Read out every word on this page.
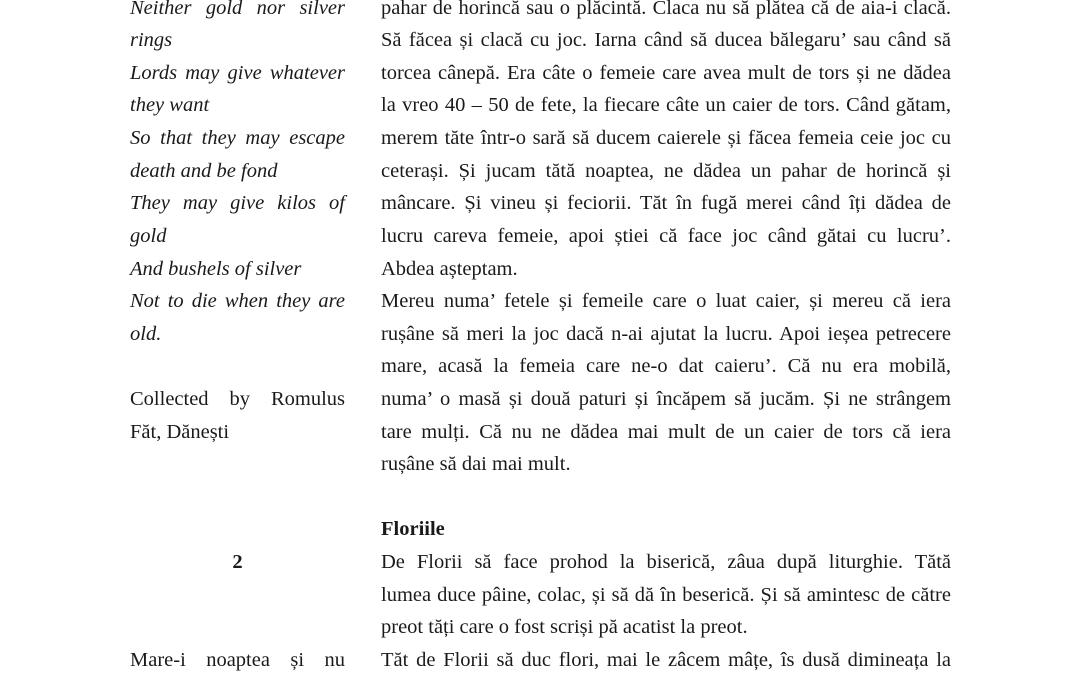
Neither gold nor silver
rings
Lords may give whatever
they want
So that they may escape
death and be fond
They may give kilos of
gold
And bushels of silver
Not to die when they are
old.
Collected by Romulus
Făt, Dănești
2
Mare-i noaptea și nu
pahar de horincă sau o plăcintă. Claca nu să plătea că de aia-i clacă.
Să făcea și clacă cu joc. Iarna când să ducea bălegaru’ sau când să
torcea cânepă. Era câte o femeie care avea mult de tors și ne dădea
la vreo 40 – 50 de fete, la fiecare câte un caier de tors. Când gătam,
merem tăte într-o sară să ducem caierele și făcea femeia ceie joc cu
ceterași. Și jucam tătă noaptea, ne dădea un pahar de horincă și
mâncare. Și vineu și feciorii. Tăt în fugă merei când îți dădea de
lucru careva femeie, apoi știei că face joc când gătai cu lucru’.
Abdea așteptam.
Mereu numa’ fetele și femeile care o luat caier, și mereu că iera
rușâne să meri la joc dacă n-ai ajutat la lucru. Apoi ieșea petrecere
mare, acasă la femeia care ne-o dat caieru’. Că nu era mobilă,
numa’ o masă și două paturi și încăpem să jucăm. Și ne strângem
tare mulți. Că nu ne dădea mai mult de un caier de tors că iera
rușâne să dai mai mult.
Floriile
De Florii să face prohod la biserică, zâua după liturghie. Tătă
lumea duce pâine, colac, și să dă în beserică. Și să amintesc de către
preot tăți care o fost scriși pă acatist la preot.
Tăt de Florii să duc flori, mai le zâcem mâțe, îs dusă dimineața la
